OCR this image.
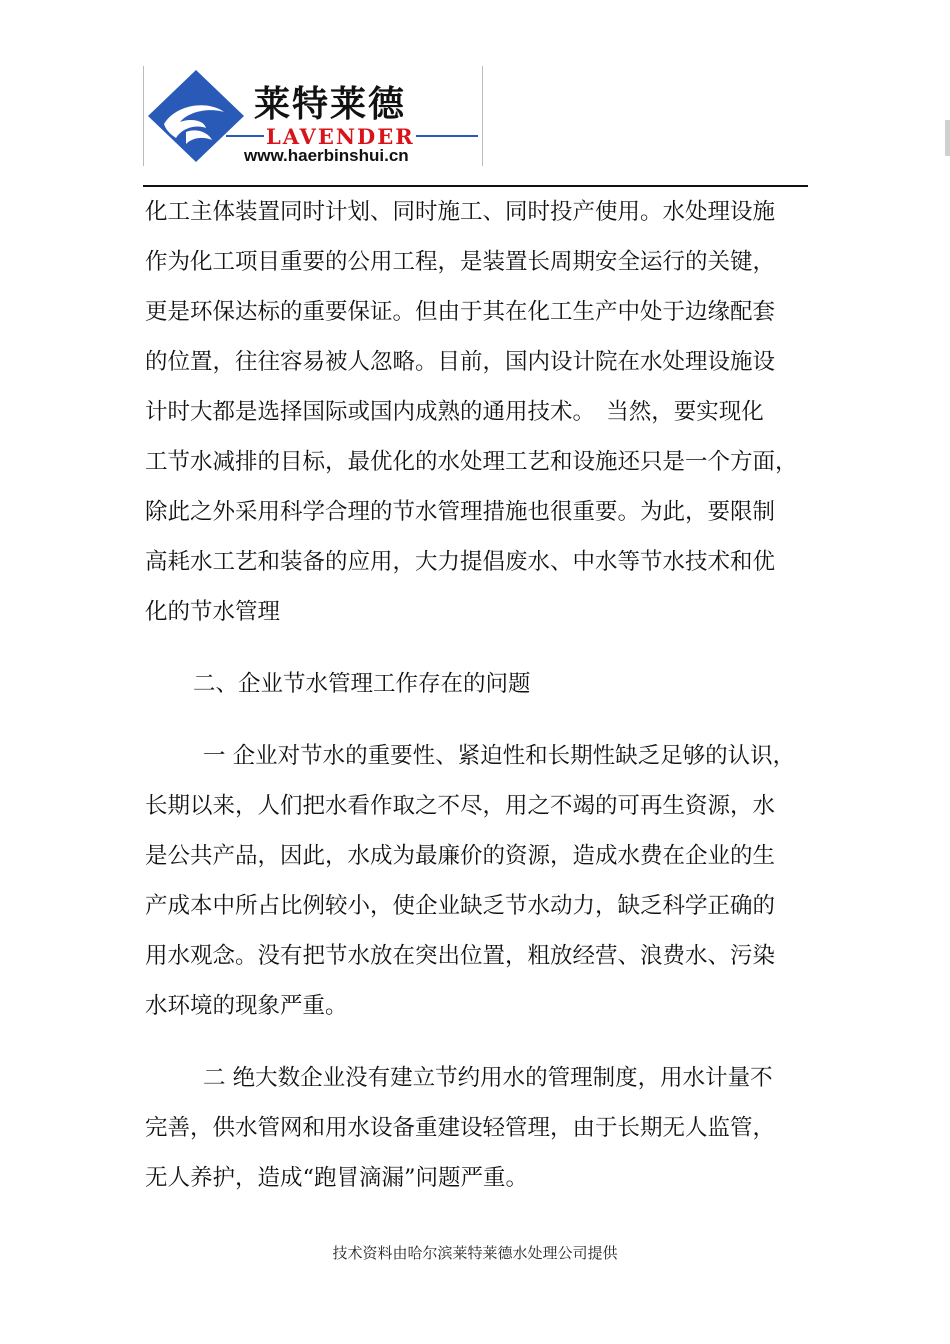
莱特莱德
LAVENDER
www.haerbinshui.cn

化工主体装置同时计划、同时施工、同时投产使用。水处理设施

作为化工项目重要的公用工程，是装置长周期安全运行的关键，

更是环保达标的重要保证。但由于其在化工生产中处于边缘配套

的位置，往往容易被人忽略。目前，国内设计院在水处理设施设

计时大都是选择国际或国内成熟的通用技术。　当然，要实现化

工节水减排的目标，最优化的水处理工艺和设施还只是一个方面，

除此之外采用科学合理的节水管理措施也很重要。为此，要限制

高耗水工艺和装备的应用，大力提倡废水、中水等节水技术和优

化的节水管理

二、企业节水管理工作存在的问题

一 企业对节水的重要性、紧迫性和长期性缺乏足够的认识，

长期以来，人们把水看作取之不尽，用之不竭的可再生资源，水

是公共产品，因此，水成为最廉价的资源，造成水费在企业的生

产成本中所占比例较小，使企业缺乏节水动力，缺乏科学正确的

用水观念。没有把节水放在突出位置，粗放经营、浪费水、污染

水环境的现象严重。

二 绝大数企业没有建立节约用水的管理制度，用水计量不

完善，供水管网和用水设备重建设轻管理，由于长期无人监管，

无人养护，造成“跑冒滴漏”问题严重。

技术资料由哈尔滨莱特莱德水处理公司提供
